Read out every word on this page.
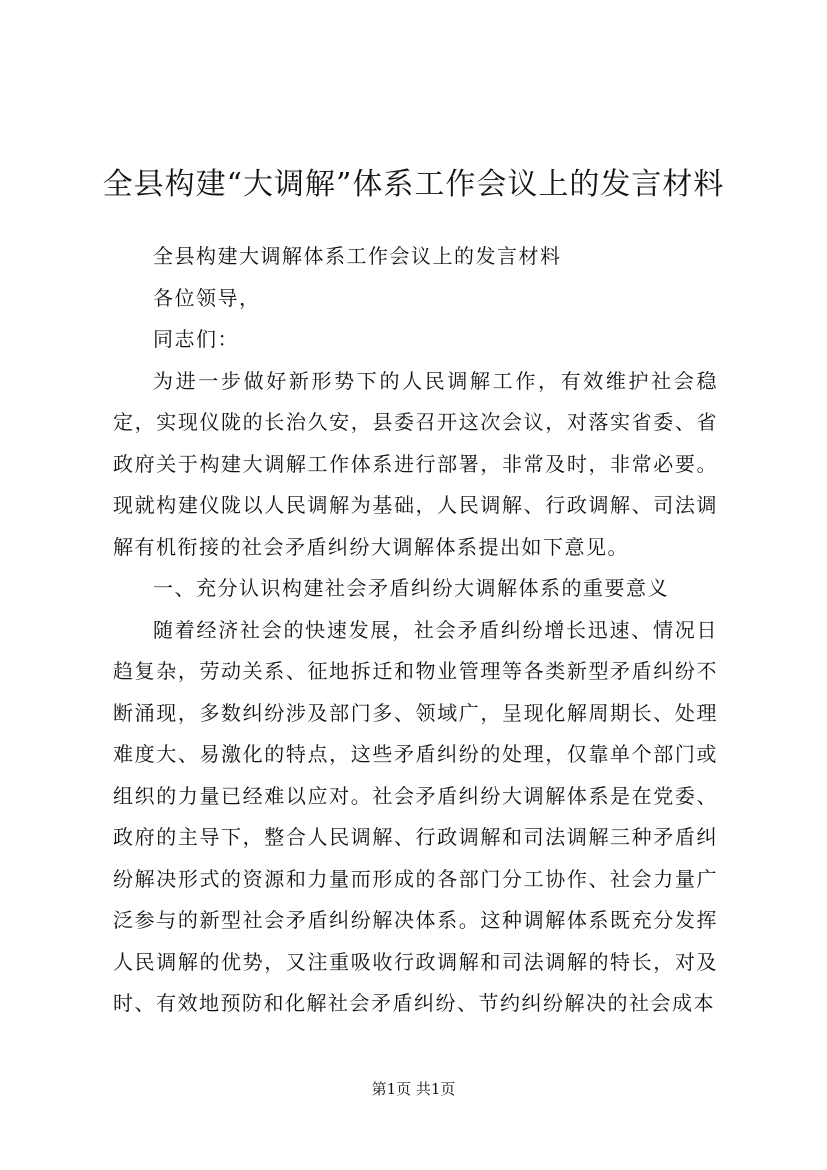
全县构建“大调解”体系工作会议上的发言材料

全县构建大调解体系工作会议上的发言材料

各位领导，

同志们：

为进一步做好新形势下的人民调解工作，有效维护社会稳定，实现仪陇的长治久安，县委召开这次会议，对落实省委、省政府关于构建大调解工作体系进行部署，非常及时，非常必要。现就构建仪陇以人民调解为基础，人民调解、行政调解、司法调解有机衔接的社会矛盾纠纷大调解体系提出如下意见。

一、充分认识构建社会矛盾纠纷大调解体系的重要意义

随着经济社会的快速发展，社会矛盾纠纷增长迅速、情况日趋复杂，劳动关系、征地拆迁和物业管理等各类新型矛盾纠纷不断涌现，多数纠纷涉及部门多、领域广，呈现化解周期长、处理难度大、易激化的特点，这些矛盾纠纷的处理，仅靠单个部门或组织的力量已经难以应对。社会矛盾纠纷大调解体系是在党委、政府的主导下，整合人民调解、行政调解和司法调解三种矛盾纠纷解决形式的资源和力量而形成的各部门分工协作、社会力量广泛参与的新型社会矛盾纠纷解决体系。这种调解体系既充分发挥人民调解的优势，又注重吸收行政调解和司法调解的特长，对及时、有效地预防和化解社会矛盾纠纷、节约纠纷解决的社会成本

第1页 共1页
